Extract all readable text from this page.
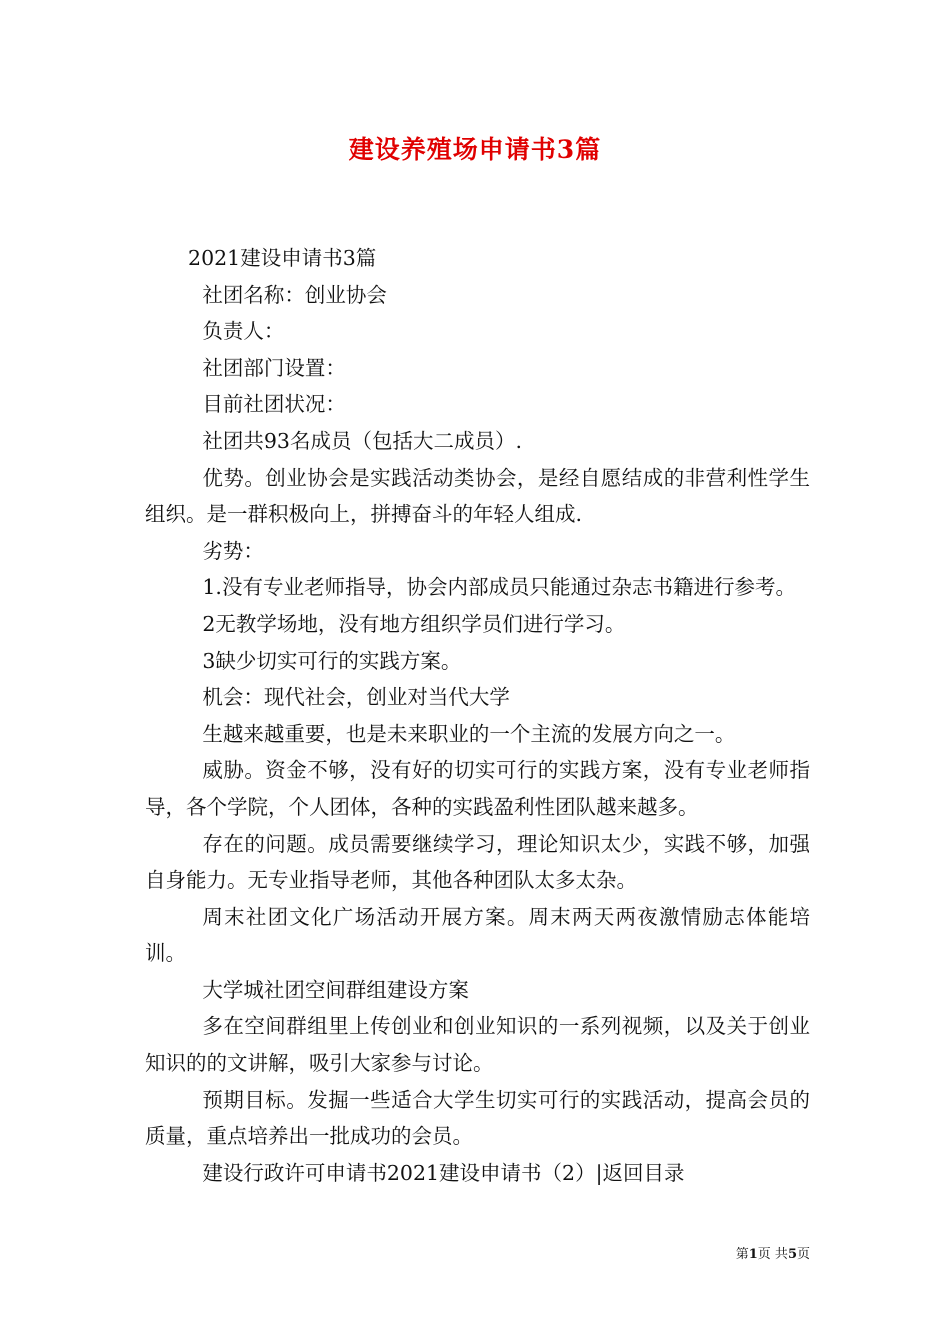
建设养殖场申请书3篇

2021建设申请书3篇

社团名称：创业协会

负责人：

社团部门设置：

目前社团状况：

社团共93名成员（包括大二成员）.

优势。创业协会是实践活动类协会，是经自愿结成的非营利性学生组织。是一群积极向上，拼搏奋斗的年轻人组成.

劣势：

1.没有专业老师指导，协会内部成员只能通过杂志书籍进行参考。

2无教学场地，没有地方组织学员们进行学习。

3缺少切实可行的实践方案。

机会：现代社会，创业对当代大学

生越来越重要，也是未来职业的一个主流的发展方向之一。

威胁。资金不够，没有好的切实可行的实践方案，没有专业老师指导，各个学院，个人团体，各种的实践盈利性团队越来越多。

存在的问题。成员需要继续学习，理论知识太少，实践不够，加强自身能力。无专业指导老师，其他各种团队太多太杂。

周末社团文化广场活动开展方案。周末两天两夜激情励志体能培训。

大学城社团空间群组建设方案

多在空间群组里上传创业和创业知识的一系列视频，以及关于创业知识的的文讲解，吸引大家参与讨论。

预期目标。发掘一些适合大学生切实可行的实践活动，提高会员的质量，重点培养出一批成功的会员。

建设行政许可申请书2021建设申请书（2）|返回目录

第1页 共5页
